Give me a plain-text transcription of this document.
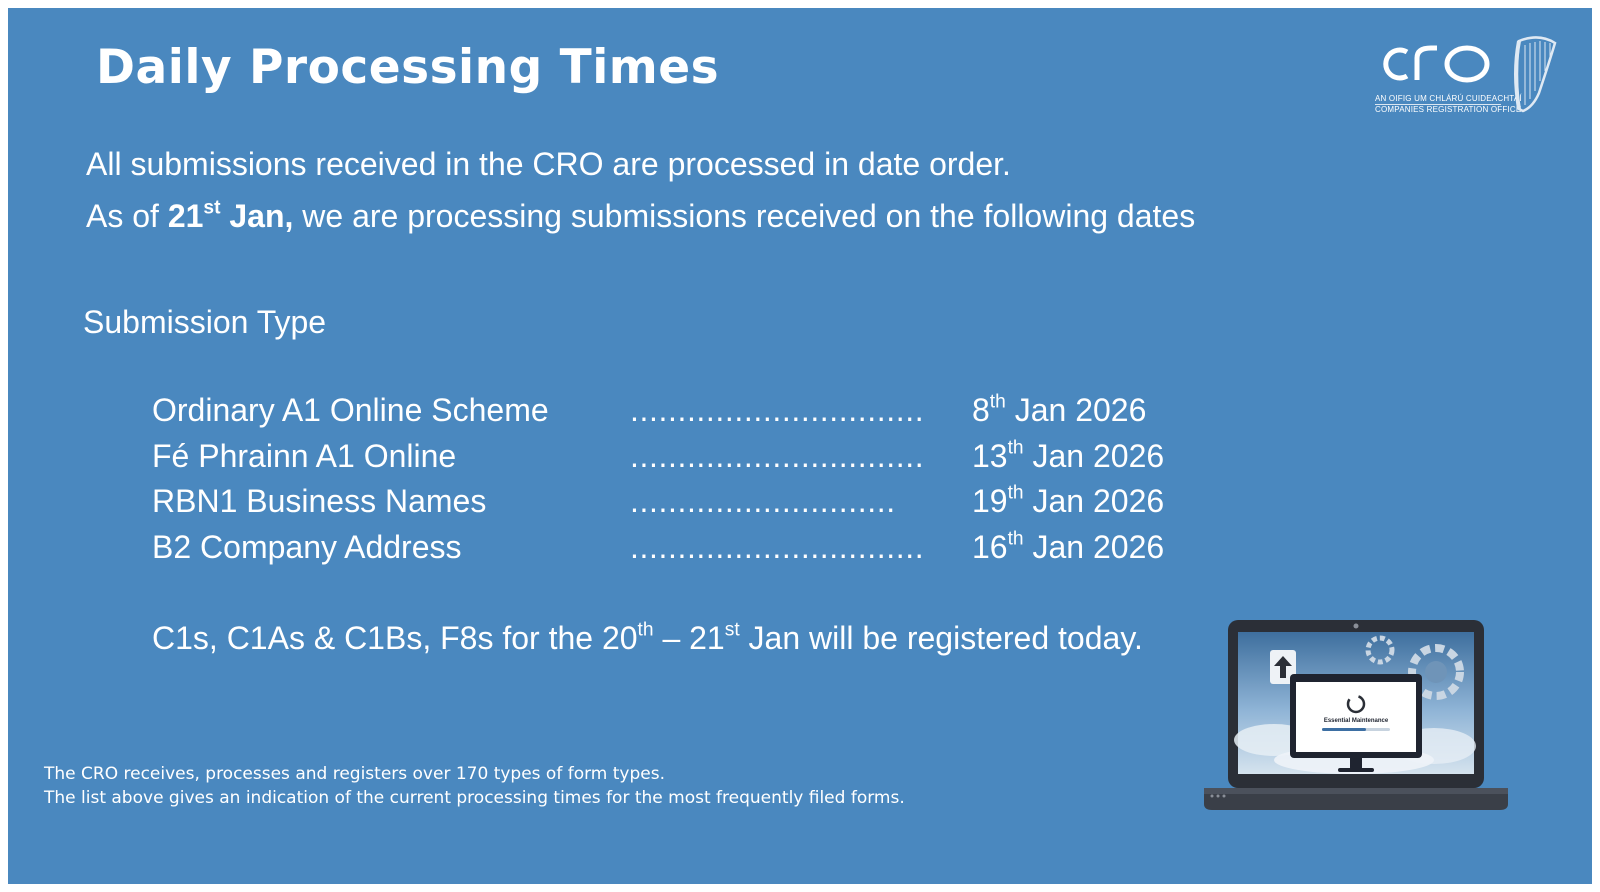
Daily Processing Times
AN OIFIG UM CHLÁRÚ CUIDEACHTAÍ
COMPANIES REGISTRATION OFFICE
All submissions received in the CRO are processed in date order.
As of 21st Jan, we are processing submissions received on the following dates
Submission Type
Ordinary A1 Online Scheme	............................... 8th Jan 2026
Fé Phrainn A1 Online	............................... 13th Jan 2026
RBN1 Business Names	............................ 19th Jan 2026
B2 Company Address	............................... 16th Jan 2026
C1s, C1As & C1Bs, F8s for the 20th – 21st Jan will be registered today.
The CRO receives, processes and registers over 170 types of form types.
The list above gives an indication of the current processing times for the most frequently filed forms.
Essential Maintenance
